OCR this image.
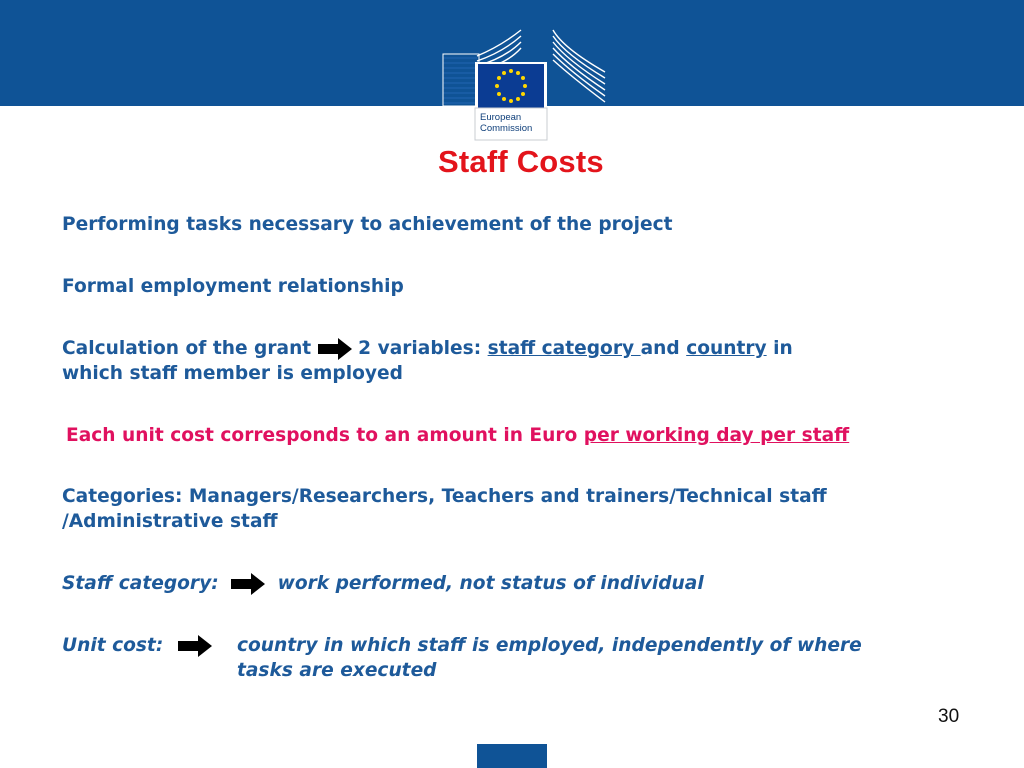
European
Commission
Staff Costs
Performing tasks necessary to achievement of the project
Formal employment relationship
Calculation of the grant	2 variables: staff category and country in
which staff member is employed
Each unit cost corresponds to an amount in Euro per working day per staff
Categories: Managers/Researchers, Teachers and trainers/Technical staff
/Administrative staff
Staff category:	work performed, not status of individual
Unit cost:	country in which staff is employed, independently of where
tasks are executed
30
